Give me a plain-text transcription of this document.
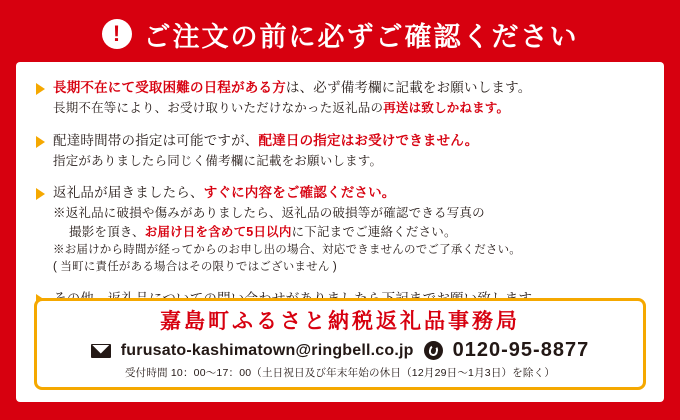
! ご注文の前に必ずご確認ください
長期不在にて受取困難の日程がある方は、必ず備考欄に記載をお願いします。
長期不在等により、お受け取りいただけなかった返礼品の再送は致しかねます。
配達時間帯の指定は可能ですが、配達日の指定はお受けできません。
指定がありましたら同じく備考欄に記載をお願いします。
返礼品が届きましたら、すぐに内容をご確認ください。
※返礼品に破損や傷みがありましたら、返礼品の破損等が確認できる写真の
撮影を頂き、お届け日を含めて5日以内に下記までご連絡ください。
※お届けから時間が経ってからのお申し出の場合、対応できませんのでご了承ください。
( 当町に責任がある場合はその限りではございません )
嘉島町ふるさと納税返礼品事務局
furusato-kashimatown@ringbell.co.jp 0120-95-8877
受付時間 10：00～17：00（土日祝日及び年末年始の休日（12月29日～1月3日）を除く）
